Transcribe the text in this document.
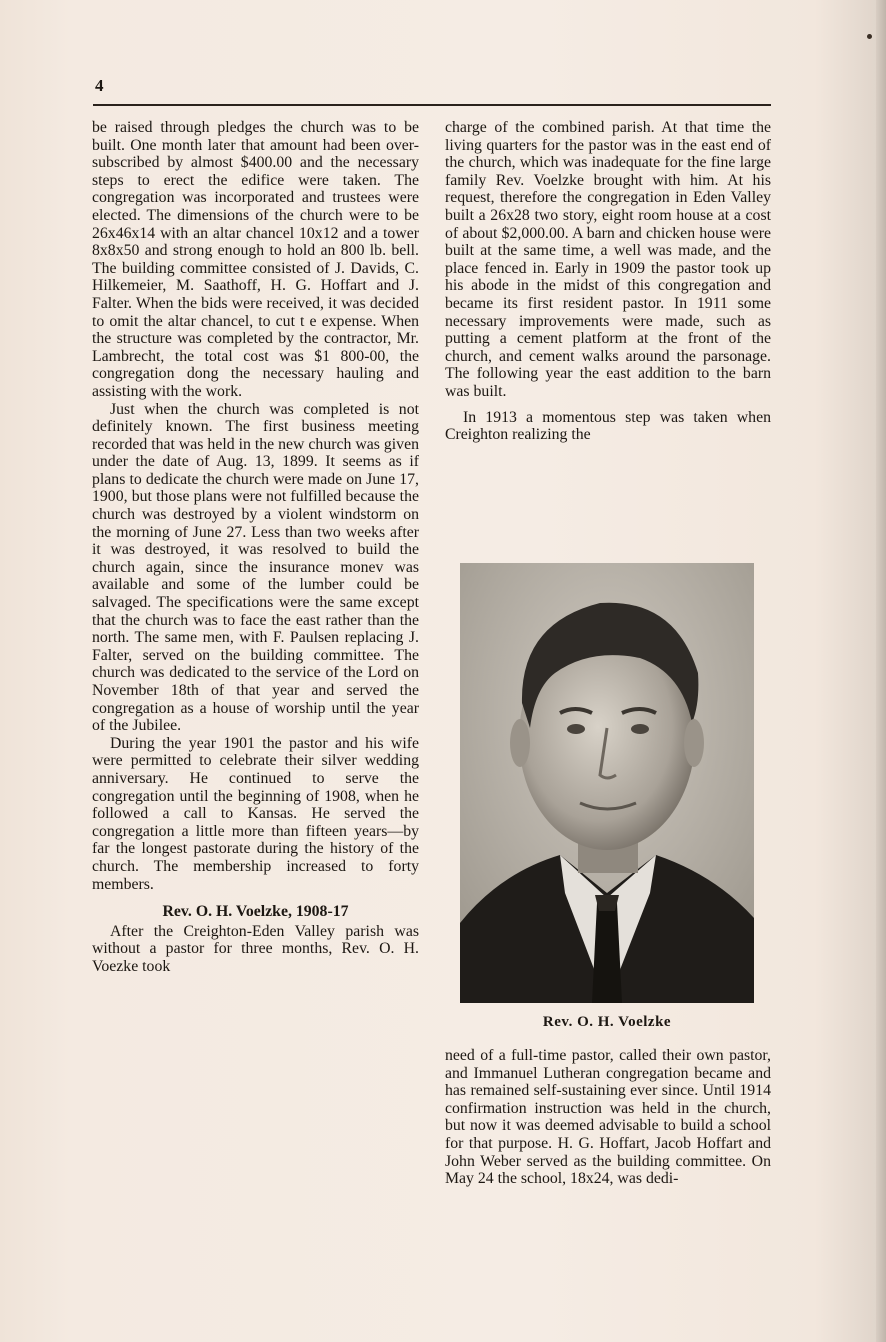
4

be raised through pledges the church was to be built. One month later that amount had been over-subscribed by almost $400.00 and the necessary steps to erect the edifice were taken. The congregation was incorporated and trustees were elected. The dimensions of the church were to be 26x46x14 with an altar chancel 10x12 and a tower 8x8x50 and strong enough to hold an 800 lb. bell. The building committee consisted of J. Davids, C. Hilkemeier, M. Saathoff, H. G. Hoffart and J. Falter. When the bids were received, it was decided to omit the altar chancel, to cut t e expense. When the structure was completed by the contractor, Mr. Lambrecht, the total cost was $1 800-00, the congregation dong the necessary hauling and assisting with the work.

Just when the church was completed is not definitely known. The first business meeting recorded that was held in the new church was given under the date of Aug. 13, 1899. It seems as if plans to dedicate the church were made on June 17, 1900, but those plans were not fulfilled because the church was destroyed by a violent windstorm on the morning of June 27. Less than two weeks after it was destroyed, it was resolved to build the church again, since the insurance monev was available and some of the lumber could be salvaged. The specifications were the same except that the church was to face the east rather than the north. The same men, with F. Paulsen replacing J. Falter, served on the building committee. The church was dedicated to the service of the Lord on November 18th of that year and served the congregation as a house of worship until the year of the Jubilee.

During the year 1901 the pastor and his wife were permitted to celebrate their silver wedding anniversary. He continued to serve the congregation until the beginning of 1908, when he followed a call to Kansas. He served the congregation a little more than fifteen years—by far the longest pastorate during the history of the church. The membership increased to forty members.

Rev. O. H. Voelzke, 1908-17

After the Creighton-Eden Valley parish was without a pastor for three months, Rev. O. H. Voezke took

charge of the combined parish. At that time the living quarters for the pastor was in the east end of the church, which was inadequate for the fine large family Rev. Voelzke brought with him. At his request, therefore the congregation in Eden Valley built a 26x28 two story, eight room house at a cost of about $2,000.00. A barn and chicken house were built at the same time, a well was made, and the place fenced in. Early in 1909 the pastor took up his abode in the midst of this congregation and became its first resident pastor. In 1911 some necessary improvements were made, such as putting a cement platform at the front of the church, and cement walks around the parsonage. The following year the east addition to the barn was built.

In 1913 a momentous step was taken when Creighton realizing the

Rev. O. H. Voelzke

need of a full-time pastor, called their own pastor, and Immanuel Lutheran congregation became and has remained self-sustaining ever since. Until 1914 confirmation instruction was held in the church, but now it was deemed advisable to build a school for that purpose. H. G. Hoffart, Jacob Hoffart and John Weber served as the building committee. On May 24 the school, 18x24, was dedi-
